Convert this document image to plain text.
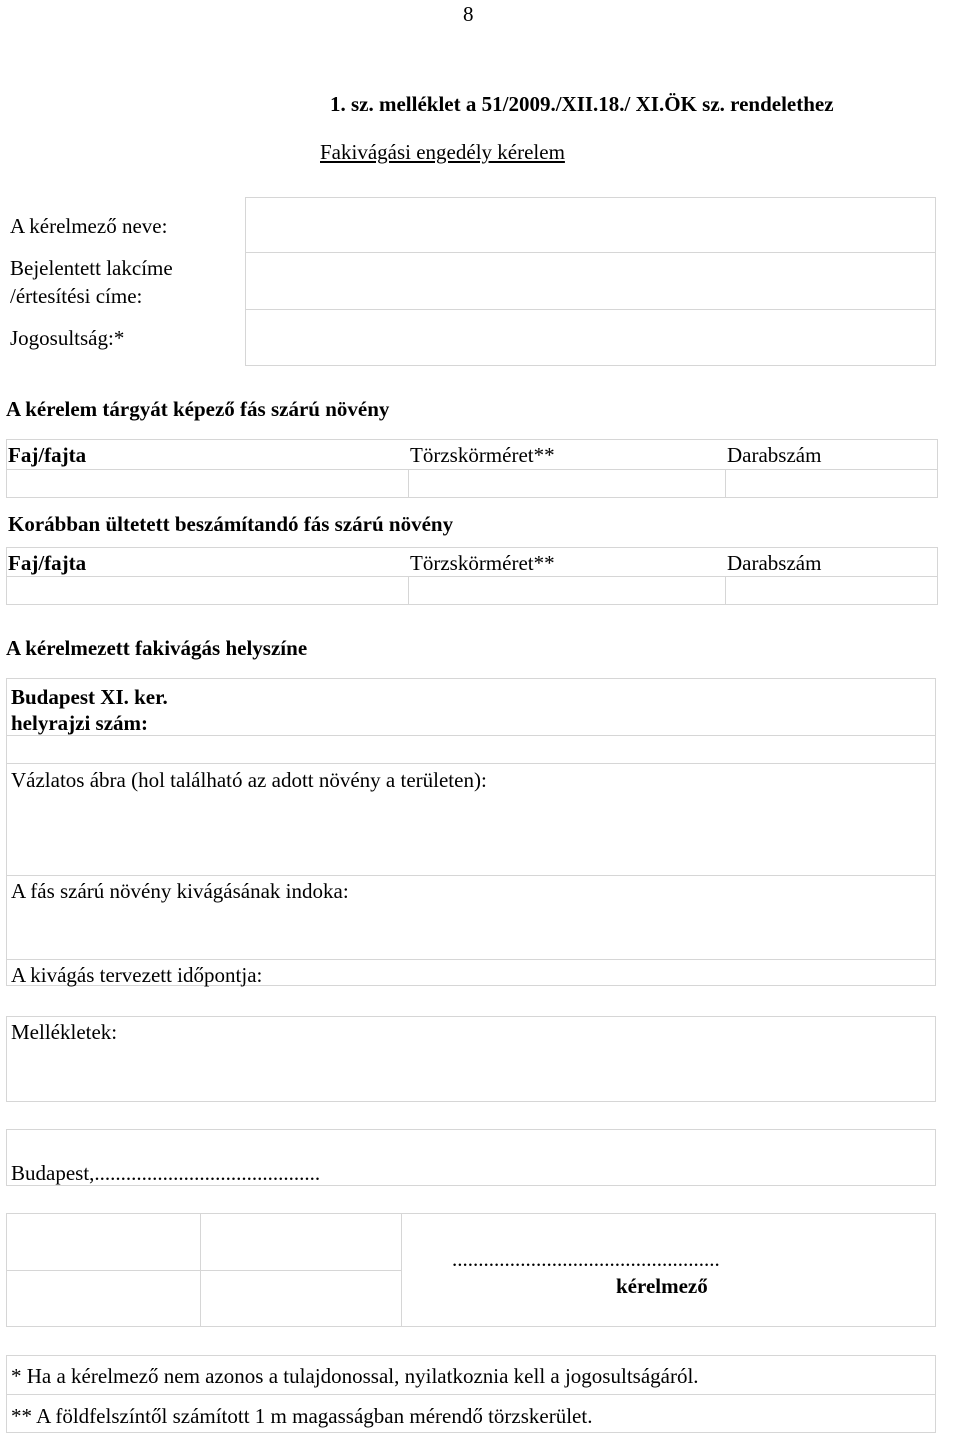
8
1. sz. melléklet a 51/2009./XII.18./ XI.ÖK sz. rendelethez
Fakivágási engedély kérelem
A kérelmező neve:
Bejelentett lakcíme
/értesítési címe:
Jogosultság:*
A kérelem tárgyát képező fás szárú növény
Faj/fajta	Törzskörméret**	Darabszám
Korábban ültetett beszámítandó fás szárú növény
Faj/fajta	Törzskörméret**	Darabszám
A kérelmezett fakivágás helyszíne
Budapest XI. ker.
helyrajzi szám:
Vázlatos ábra (hol található az adott növény a területen):
A fás szárú növény kivágásának indoka:
A kivágás tervezett időpontja:
Mellékletek:
Budapest,...........................................
...................................................
kérelmező
* Ha a kérelmező nem azonos a tulajdonossal, nyilatkoznia kell a jogosultságáról.
** A földfelszíntől számított 1 m magasságban mérendő törzskerület.
